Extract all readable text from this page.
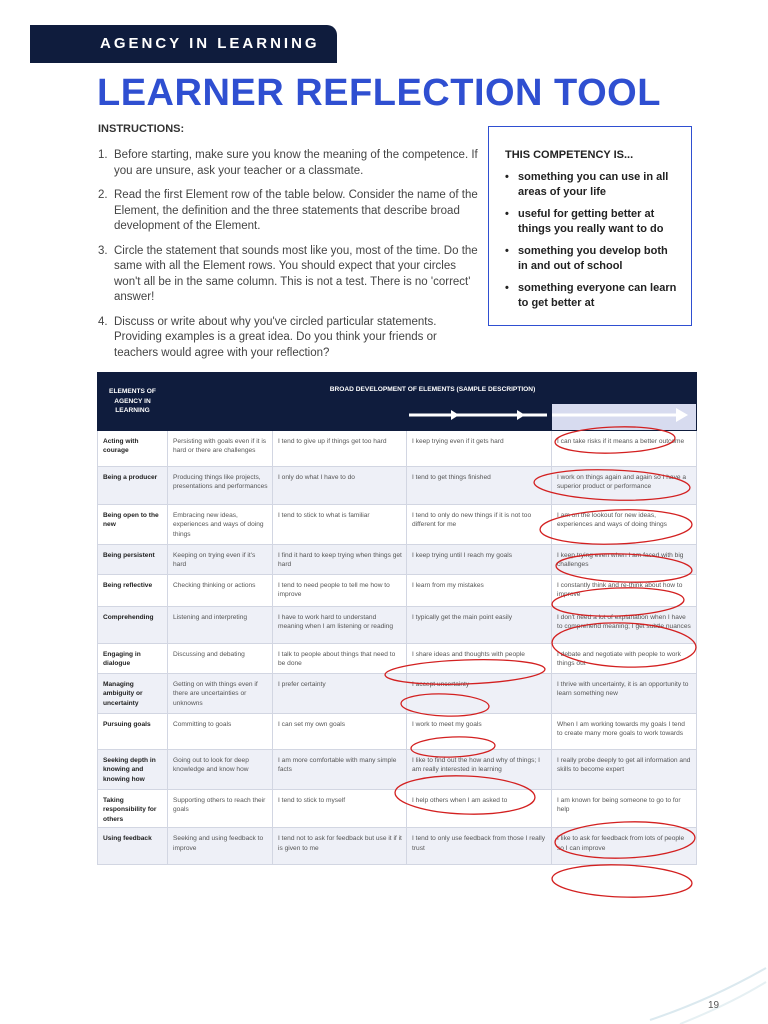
AGENCY IN LEARNING
LEARNER REFLECTION TOOL
INSTRUCTIONS:
1. Before starting, make sure you know the meaning of the competence. If you are unsure, ask your teacher or a classmate.
2. Read the first Element row of the table below. Consider the name of the Element, the definition and the three statements that describe broad development of the Element.
3. Circle the statement that sounds most like you, most of the time. Do the same with all the Element rows. You should expect that your circles won't all be in the same column. This is not a test. There is no 'correct' answer!
4. Discuss or write about why you've circled particular statements. Providing examples is a great idea. Do you think your friends or teachers would agree with your reflection?
THIS COMPETENCY IS...
• something you can use in all areas of your life
• useful for getting better at things you really want to do
• something you develop both in and out of school
• something everyone can learn to get better at
ELEMENTS OF AGENCY IN LEARNING	BROAD DEVELOPMENT OF ELEMENTS (SAMPLE DESCRIPTION)			

Acting with courage	Persisting with goals even if it is hard or there are challenges	I tend to give up if things get too hard	I keep trying even if it gets hard	I can take risks if it means a better outcome
Being a producer	Producing things like projects, presentations and performances	I only do what I have to do	I tend to get things finished	I work on things again and again so I have a superior product or performance
Being open to the new	Embracing new ideas, experiences and ways of doing things	I tend to stick to what is familiar	I tend to only do new things if it is not too different for me	I am on the lookout for new ideas, experiences and ways of doing things
Being persistent	Keeping on trying even if it's hard	I find it hard to keep trying when things get hard	I keep trying until I reach my goals	I keep trying even when I am faced with big challenges
Being reflective	Checking thinking or actions	I tend to need people to tell me how to improve	I learn from my mistakes	I constantly think and re-think about how to improve
Comprehending	Listening and interpreting	I have to work hard to understand meaning when I am listening or reading	I typically get the main point easily	I don't need a lot of explanation when I have to comprehend meaning; I get subtle nuances
Engaging in dialogue	Discussing and debating	I talk to people about things that need to be done	I share ideas and thoughts with people	I debate and negotiate with people to work things out
Managing ambiguity or uncertainty	Getting on with things even if there are uncertainties or unknowns	I prefer certainty	I accept uncertainty	I thrive with uncertainty, it is an opportunity to learn something new
Pursuing goals	Committing to goals	I can set my own goals	I work to meet my goals	When I am working towards my goals I tend to create many more goals to work towards
Seeking depth in knowing and knowing how	Going out to look for deep knowledge and know how	I am more comfortable with many simple facts	I like to find out the how and why of things; I am really interested in learning	I really probe deeply to get all information and skills to become expert
Taking responsibility for others	Supporting others to reach their goals	I tend to stick to myself	I help others when I am asked to	I am known for being someone to go to for help
Using feedback	Seeking and using feedback to improve	I tend not to ask for feedback but use it if it is given to me	I tend to only use feedback from those I really trust	I like to ask for feedback from lots of people so I can improve
19
